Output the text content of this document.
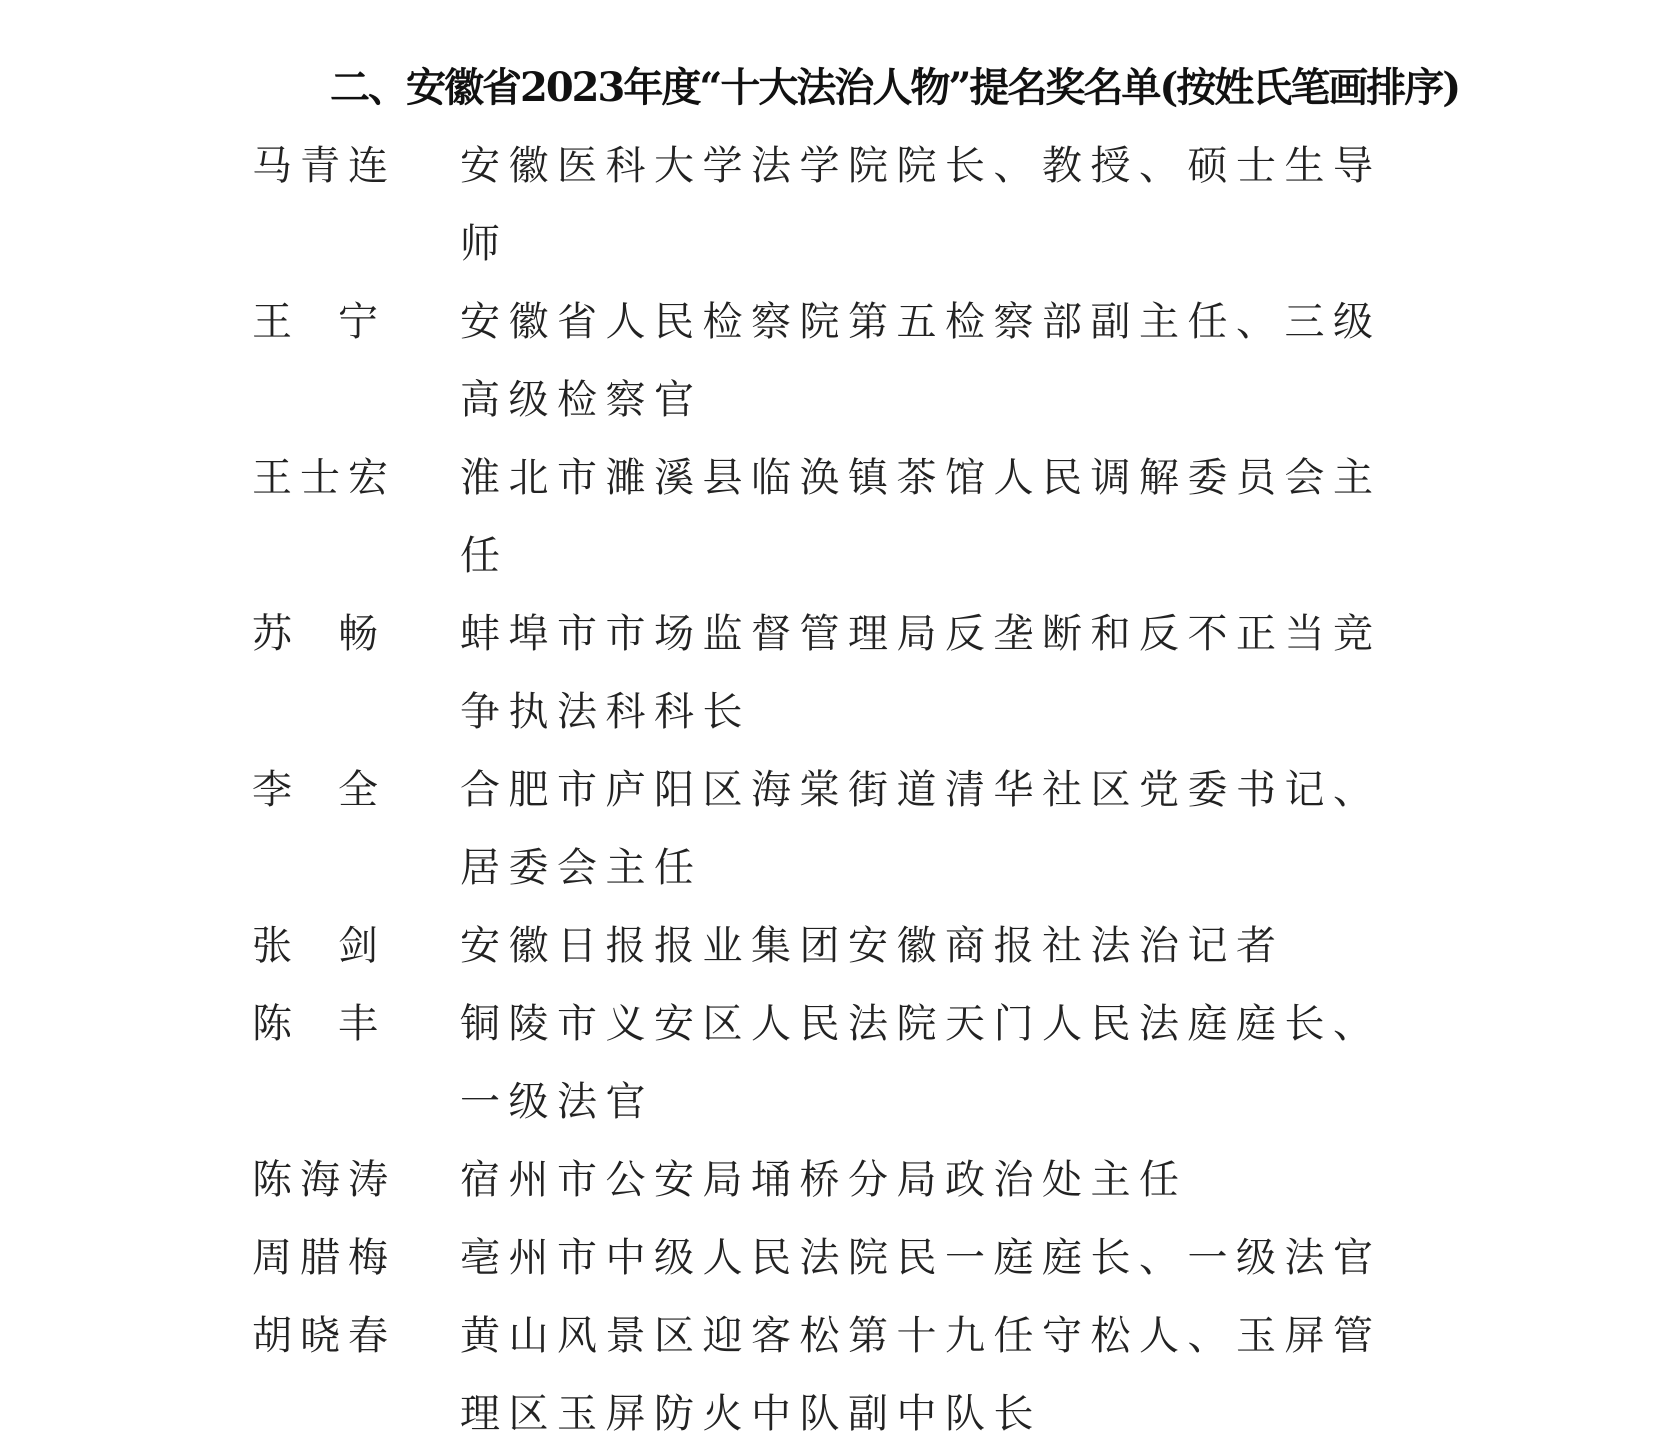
二、安徽省2023年度“十大法治人物”提名奖名单(按姓氏笔画排序)
马青连 安徽医科大学法学院院长、教授、硕士生导师
王 宁 安徽省人民检察院第五检察部副主任、三级高级检察官
王士宏 淮北市濉溪县临涣镇茶馆人民调解委员会主任
苏 畅 蚌埠市市场监督管理局反垄断和反不正当竞争执法科科长
李 全 合肥市庐阳区海棠街道清华社区党委书记、居委会主任
张 剑 安徽日报报业集团安徽商报社法治记者
陈 丰 铜陵市义安区人民法院天门人民法庭庭长、一级法官
陈海涛 宿州市公安局埇桥分局政治处主任
周腊梅 亳州市中级人民法院民一庭庭长、一级法官
胡晓春 黄山风景区迎客松第十九任守松人、玉屏管理区玉屏防火中队副中队长
